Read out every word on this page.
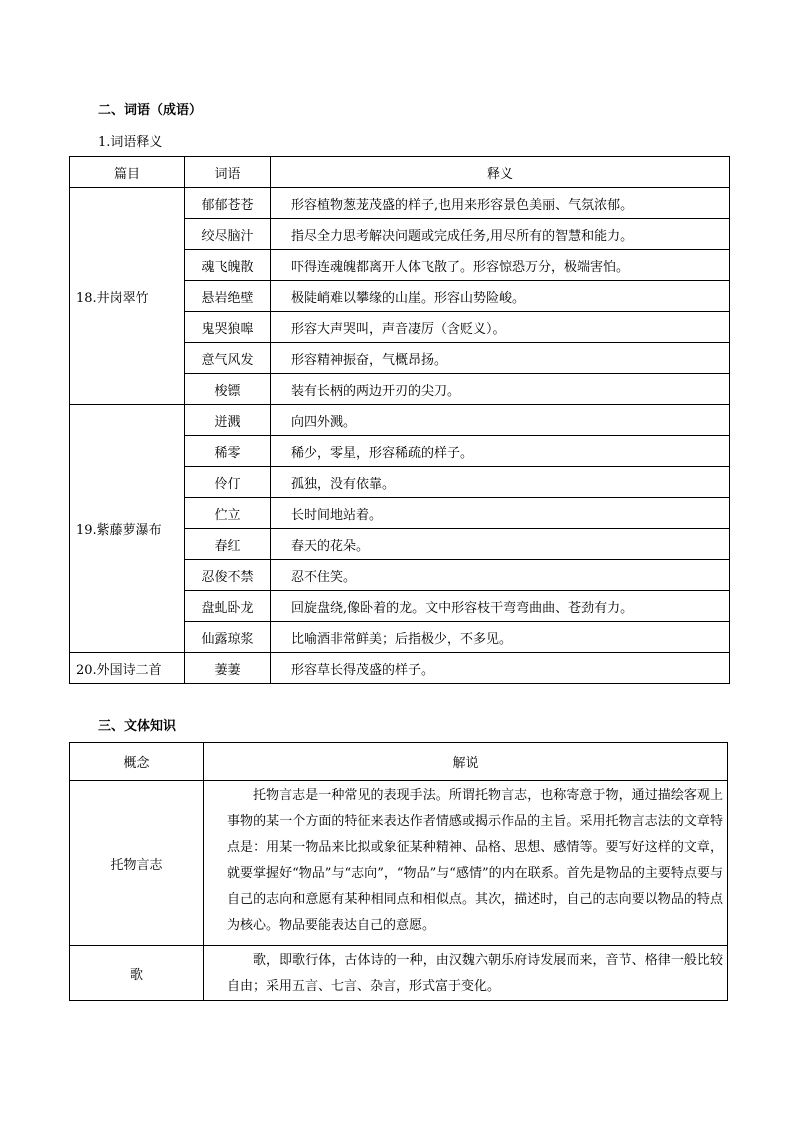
二、词语（成语）
1.词语释义
篇目	词语	释义
18.井岗翠竹	郁郁苍苍	形容植物葱茏茂盛的样子,也用来形容景色美丽、气氛浓郁。
	绞尽脑汁	指尽全力思考解决问题或完成任务,用尽所有的智慧和能力。
	魂飞魄散	吓得连魂魄都离开人体飞散了。形容惊恐万分，极端害怕。
	悬岩绝壁	极陡峭难以攀缘的山崖。形容山势险峻。
	鬼哭狼嗥	形容大声哭叫，声音凄厉（含贬义）。
	意气风发	形容精神振奋，气概昂扬。
	梭镖	装有长柄的两边开刃的尖刀。
19.紫藤萝瀑布	迸溅	向四外溅。
	稀零	稀少，零星，形容稀疏的样子。
	伶仃	孤独，没有依靠。
	伫立	长时间地站着。
	春红	春天的花朵。
	忍俊不禁	忍不住笑。
	盘虬卧龙	回旋盘绕,像卧着的龙。文中形容枝干弯弯曲曲、苍劲有力。
	仙露琼浆	比喻酒非常鲜美；后指极少，不多见。
20.外国诗二首	萋萋	形容草长得茂盛的样子。
三、文体知识
概念	解说
托物言志	托物言志是一种常见的表现手法。所谓托物言志，也称寄意于物，通过描绘客观上事物的某一个方面的特征来表达作者情感或揭示作品的主旨。采用托物言志法的文章特点是：用某一物品来比拟或象征某种精神、品格、思想、感情等。要写好这样的文章，就要掌握好“物品”与“志向”，“物品”与“感情”的内在联系。首先是物品的主要特点要与自己的志向和意愿有某种相同点和相似点。其次，描述时，自己的志向要以物品的特点为核心。物品要能表达自己的意愿。

歌	歌，即歌行体，古体诗的一种，由汉魏六朝乐府诗发展而来，音节、格律一般比较自由；采用五言、七言、杂言，形式富于变化。
